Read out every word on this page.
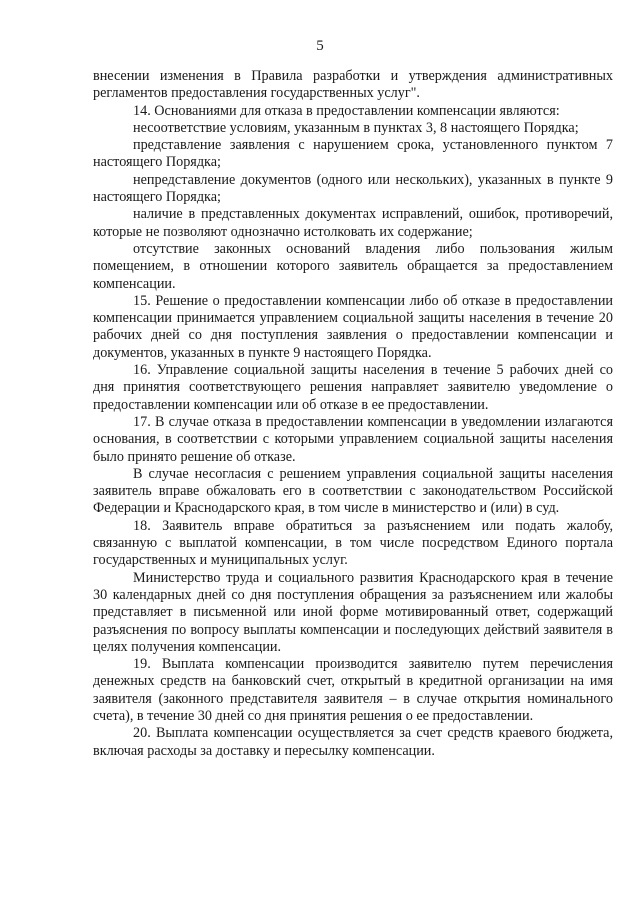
5

внесении изменения в Правила разработки и утверждения административных регламентов предоставления государственных услуг".

14. Основаниями для отказа в предоставлении компенсации являются:

несоответствие условиям, указанным в пунктах 3, 8 настоящего Порядка;

представление заявления с нарушением срока, установленного пунктом 7 настоящего Порядка;

непредставление документов (одного или нескольких), указанных в пункте 9 настоящего Порядка;

наличие в представленных документах исправлений, ошибок, противоречий, которые не позволяют однозначно истолковать их содержание;

отсутствие законных оснований владения либо пользования жилым помещением, в отношении которого заявитель обращается за предоставлением компенсации.

15. Решение о предоставлении компенсации либо об отказе в предоставлении компенсации принимается управлением социальной защиты населения в течение 20 рабочих дней со дня поступления заявления о предоставлении компенсации и документов, указанных в пункте 9 настоящего Порядка.

16. Управление социальной защиты населения в течение 5 рабочих дней со дня принятия соответствующего решения направляет заявителю уведомление о предоставлении компенсации или об отказе в ее предоставлении.

17. В случае отказа в предоставлении компенсации в уведомлении излагаются основания, в соответствии с которыми управлением социальной защиты населения было принято решение об отказе.

В случае несогласия с решением управления социальной защиты населения заявитель вправе обжаловать его в соответствии с законодательством Российской Федерации и Краснодарского края, в том числе в министерство и (или) в суд.

18. Заявитель вправе обратиться за разъяснением или подать жалобу, связанную с выплатой компенсации, в том числе посредством Единого портала государственных и муниципальных услуг.

Министерство труда и социального развития Краснодарского края в течение 30 календарных дней со дня поступления обращения за разъяснением или жалобы представляет в письменной или иной форме мотивированный ответ, содержащий разъяснения по вопросу выплаты компенсации и последующих действий заявителя в целях получения компенсации.

19. Выплата компенсации производится заявителю путем перечисления денежных средств на банковский счет, открытый в кредитной организации на имя заявителя (законного представителя заявителя – в случае открытия номинального счета), в течение 30 дней со дня принятия решения о ее предоставлении.

20. Выплата компенсации осуществляется за счет средств краевого бюджета, включая расходы за доставку и пересылку компенсации.
